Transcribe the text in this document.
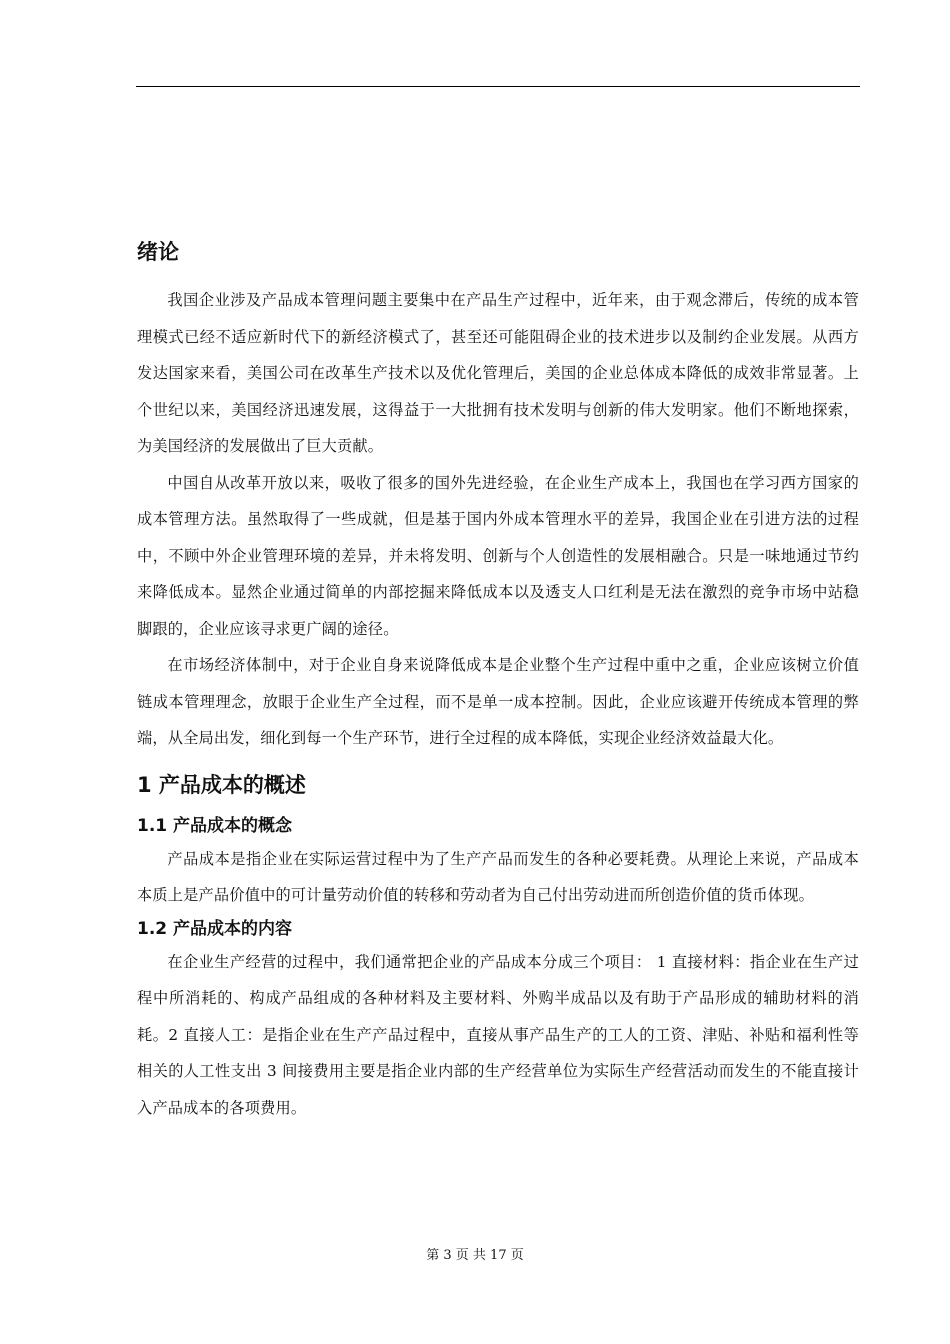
绪论

我国企业涉及产品成本管理问题主要集中在产品生产过程中，近年来，由于观念滞后，传统的成本管理模式已经不适应新时代下的新经济模式了，甚至还可能阻碍企业的技术进步以及制约企业发展。从西方发达国家来看，美国公司在改革生产技术以及优化管理后，美国的企业总体成本降低的成效非常显著。上个世纪以来，美国经济迅速发展，这得益于一大批拥有技术发明与创新的伟大发明家。他们不断地探索，为美国经济的发展做出了巨大贡献。

中国自从改革开放以来，吸收了很多的国外先进经验，在企业生产成本上，我国也在学习西方国家的成本管理方法。虽然取得了一些成就，但是基于国内外成本管理水平的差异，我国企业在引进方法的过程中，不顾中外企业管理环境的差异，并未将发明、创新与个人创造性的发展相融合。只是一味地通过节约来降低成本。显然企业通过简单的内部挖掘来降低成本以及透支人口红利是无法在激烈的竞争市场中站稳脚跟的，企业应该寻求更广阔的途径。

在市场经济体制中，对于企业自身来说降低成本是企业整个生产过程中重中之重，企业应该树立价值链成本管理理念，放眼于企业生产全过程，而不是单一成本控制。因此，企业应该避开传统成本管理的弊端，从全局出发，细化到每一个生产环节，进行全过程的成本降低，实现企业经济效益最大化。

1 产品成本的概述
1.1 产品成本的概念

产品成本是指企业在实际运营过程中为了生产产品而发生的各种必要耗费。从理论上来说，产品成本本质上是产品价值中的可计量劳动价值的转移和劳动者为自己付出劳动进而所创造价值的货币体现。

1.2 产品成本的内容

在企业生产经营的过程中，我们通常把企业的产品成本分成三个项目： 1 直接材料：指企业在生产过程中所消耗的、构成产品组成的各种材料及主要材料、外购半成品以及有助于产品形成的辅助材料的消耗。2 直接人工：是指企业在生产产品过程中，直接从事产品生产的工人的工资、津贴、补贴和福利性等相关的人工性支出 3 间接费用主要是指企业内部的生产经营单位为实际生产经营活动而发生的不能直接计入产品成本的各项费用。

第 3 页 共 17 页
